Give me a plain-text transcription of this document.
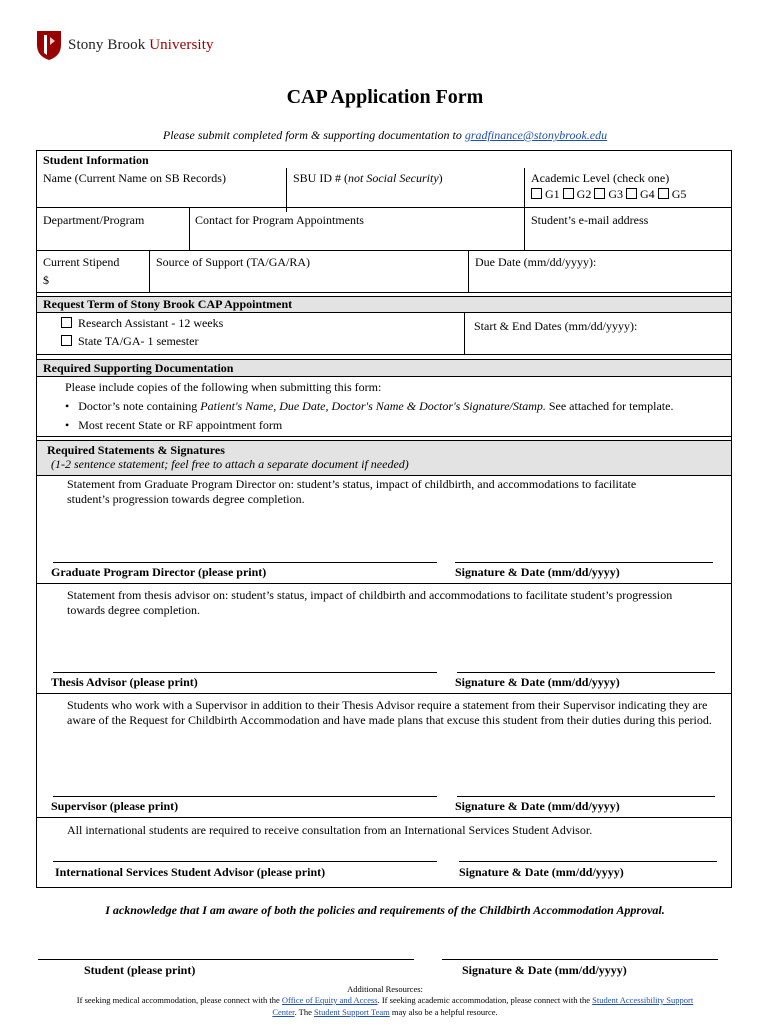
Stony Brook University
CAP Application Form
Please submit completed form & supporting documentation to gradfinance@stonybrook.edu
Student Information
Name (Current Name on SB Records)	SBU ID # (not Social Security)	Academic Level (check one)
G1 G2 G3 G4 G5
Department/Program	Contact for Program Appointments	Student’s e-mail address
Current Stipend
$
Source of Support (TA/GA/RA)	Due Date (mm/dd/yyyy):
Request Term of Stony Brook CAP Appointment
Research Assistant - 12 weeks
State TA/GA- 1 semester
Start & End Dates (mm/dd/yyyy):
Required Supporting Documentation
Please include copies of the following when submitting this form:
•   Doctor’s note containing Patient's Name, Due Date, Doctor's Name & Doctor's Signature/Stamp. See attached for template.
•   Most recent State or RF appointment form
Required Statements & Signatures
(1-2 sentence statement; feel free to attach a separate document if needed)
Statement from Graduate Program Director on: student’s status, impact of childbirth, and accommodations to facilitate student’s progression towards degree completion.
Graduate Program Director (please print)	Signature & Date (mm/dd/yyyy)
Statement from thesis advisor on: student’s status, impact of childbirth and accommodations to facilitate student’s progression towards degree completion.
Thesis Advisor (please print)	Signature & Date (mm/dd/yyyy)
Students who work with a Supervisor in addition to their Thesis Advisor require a statement from their Supervisor indicating they are aware of the Request for Childbirth Accommodation and have made plans that excuse this student from their duties during this period.
Supervisor (please print)	Signature & Date (mm/dd/yyyy)
All international students are required to receive consultation from an International Services Student Advisor.
International Services Student Advisor (please print)	Signature & Date (mm/dd/yyyy)
I acknowledge that I am aware of both the policies and requirements of the Childbirth Accommodation Approval.
Student (please print)	Signature & Date (mm/dd/yyyy)
Additional Resources:
If seeking medical accommodation, please connect with the Office of Equity and Access. If seeking academic accommodation, please connect with the Student Accessibility Support
Center. The Student Support Team may also be a helpful resource.
